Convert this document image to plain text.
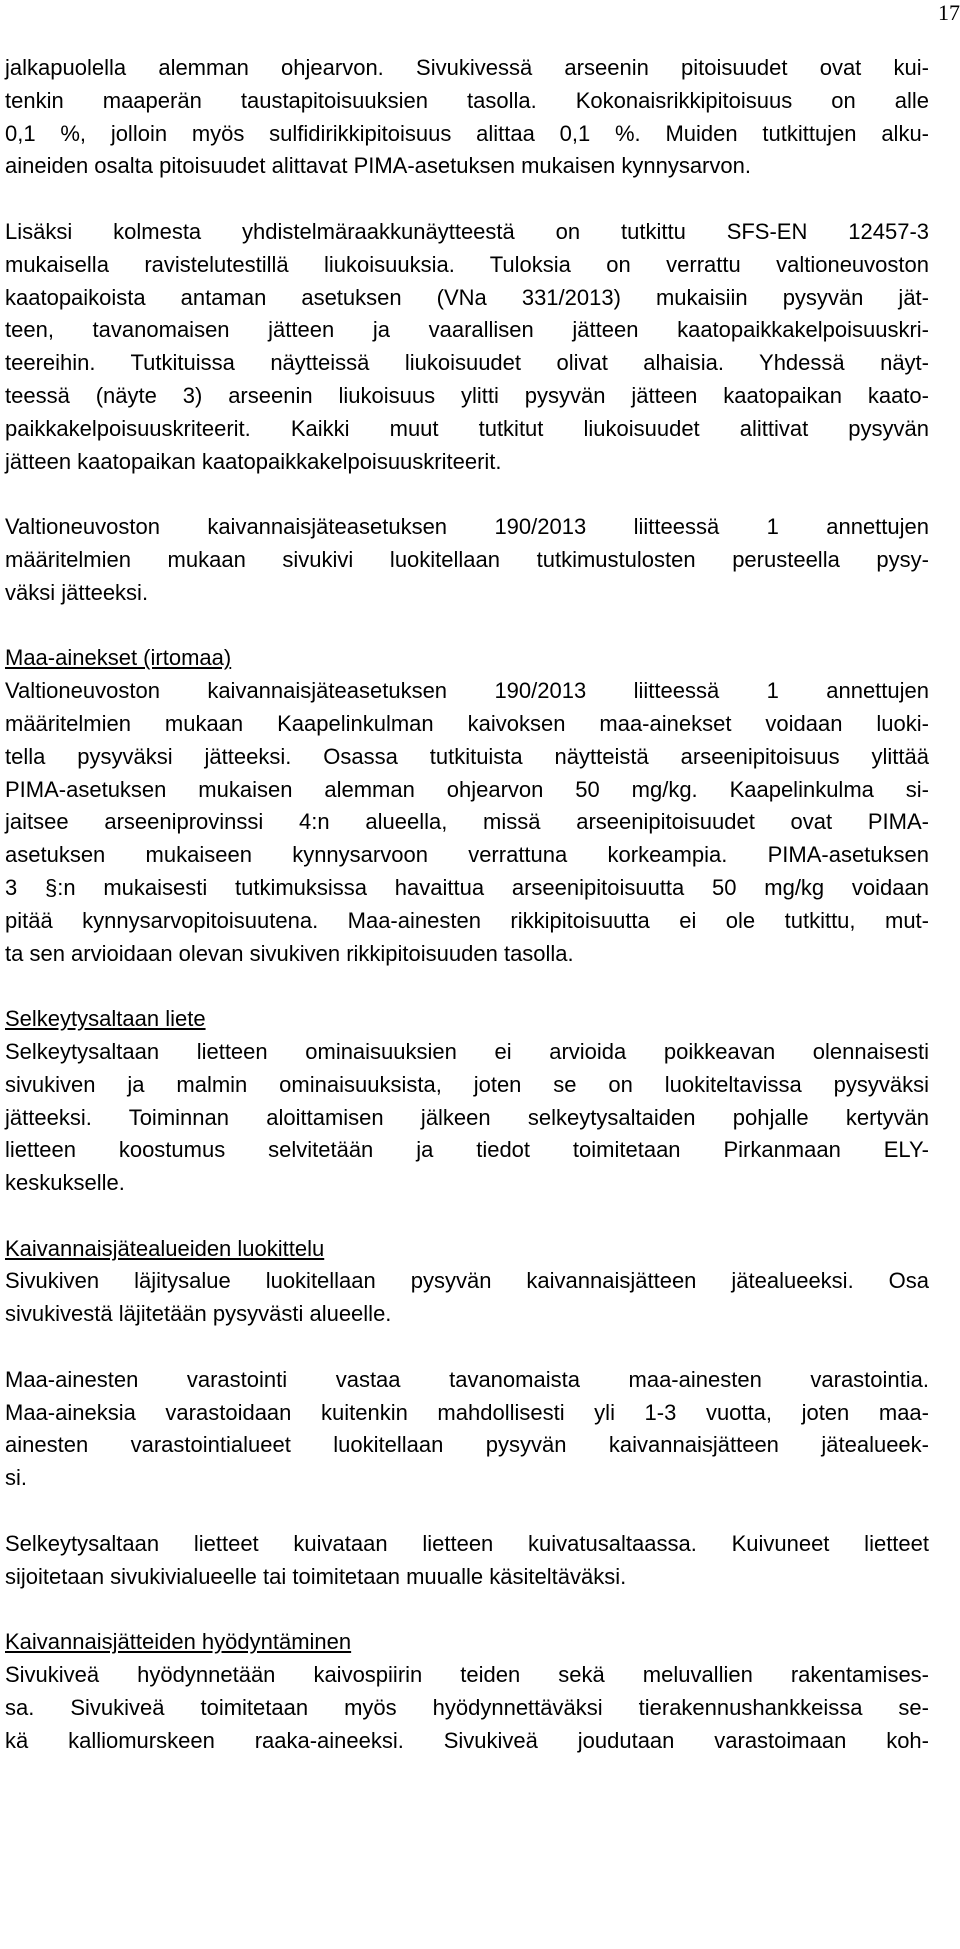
17
jalkapuolella alemman ohjearvon. Sivukivessä arseenin pitoisuudet ovat kui-
tenkin maaperän taustapitoisuuksien tasolla. Kokonaisrikkipitoisuus on alle
0,1 %, jolloin myös sulfidirikkipitoisuus alittaa 0,1 %. Muiden tutkittujen alku-
aineiden osalta pitoisuudet alittavat PIMA-asetuksen mukaisen kynnysarvon.
Lisäksi kolmesta yhdistelmäraakkunäytteestä on tutkittu SFS-EN 12457-3
mukaisella ravistelutestillä liukoisuuksia. Tuloksia on verrattu valtioneuvoston
kaatopaikoista antaman asetuksen (VNa 331/2013) mukaisiin pysyvän jät-
teen, tavanomaisen jätteen ja vaarallisen jätteen kaatopaikkakelpoisuuskri-
teereihin. Tutkituissa näytteissä liukoisuudet olivat alhaisia. Yhdessä näyt-
teessä (näyte 3) arseenin liukoisuus ylitti pysyvän jätteen kaatopaikan kaato-
paikkakelpoisuuskriteerit. Kaikki muut tutkitut liukoisuudet alittivat pysyvän
jätteen kaatopaikan kaatopaikkakelpoisuuskriteerit.
Valtioneuvoston kaivannaisjäteasetuksen 190/2013 liitteessä 1 annettujen
määritelmien mukaan sivukivi luokitellaan tutkimustulosten perusteella pysy-
väksi jätteeksi.
Maa-ainekset (irtomaa)
Valtioneuvoston kaivannaisjäteasetuksen 190/2013 liitteessä 1 annettujen
määritelmien mukaan Kaapelinkulman kaivoksen maa-ainekset voidaan luoki-
tella pysyväksi jätteeksi. Osassa tutkituista näytteistä arseenipitoisuus ylittää
PIMA-asetuksen mukaisen alemman ohjearvon 50 mg/kg. Kaapelinkulma si-
jaitsee arseeniprovinssi 4:n alueella, missä arseenipitoisuudet ovat PIMA-
asetuksen mukaiseen kynnysarvoon verrattuna korkeampia. PIMA-asetuksen
3 §:n mukaisesti tutkimuksissa havaittua arseenipitoisuutta 50 mg/kg voidaan
pitää kynnysarvopitoisuutena. Maa-ainesten rikkipitoisuutta ei ole tutkittu, mut-
ta sen arvioidaan olevan sivukiven rikkipitoisuuden tasolla.
Selkeytysaltaan liete
Selkeytysaltaan lietteen ominaisuuksien ei arvioida poikkeavan olennaisesti
sivukiven ja malmin ominaisuuksista, joten se on luokiteltavissa pysyväksi
jätteeksi. Toiminnan aloittamisen jälkeen selkeytysaltaiden pohjalle kertyvän
lietteen koostumus selvitetään ja tiedot toimitetaan Pirkanmaan ELY-
keskukselle.
Kaivannaisjätealueiden luokittelu
Sivukiven läjitysalue luokitellaan pysyvän kaivannaisjätteen jätealueeksi. Osa
sivukivestä läjitetään pysyvästi alueelle.
Maa-ainesten varastointi vastaa tavanomaista maa-ainesten varastointia.
Maa-aineksia varastoidaan kuitenkin mahdollisesti yli 1-3 vuotta, joten maa-
ainesten varastointialueet luokitellaan pysyvän kaivannaisjätteen jätealueek-
si.
Selkeytysaltaan lietteet kuivataan lietteen kuivatusaltaassa. Kuivuneet lietteet
sijoitetaan sivukivialueelle tai toimitetaan muualle käsiteltäväksi.
Kaivannaisjätteiden hyödyntäminen
Sivukiveä hyödynnetään kaivospiirin teiden sekä meluvallien rakentamises-
sa. Sivukiveä toimitetaan myös hyödynnettäväksi tierakennushankkeissa se-
kä kalliomurskeen raaka-aineeksi. Sivukiveä joudutaan varastoimaan koh-
